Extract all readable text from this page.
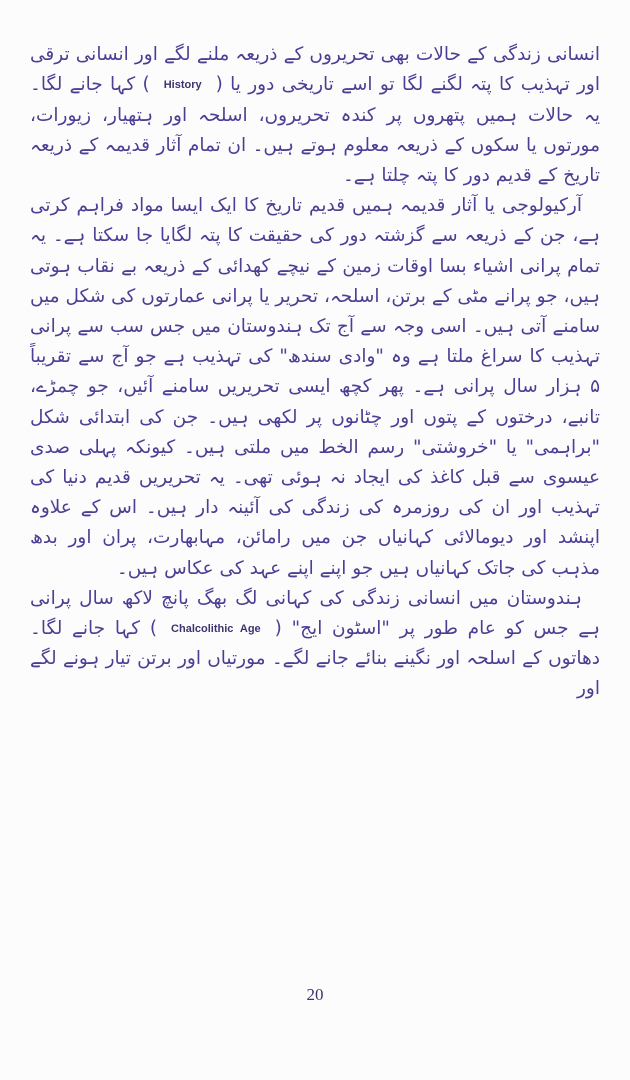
انسانی زندگی کے حالات بھی تحریروں کے ذریعہ ملنے لگے اور انسانی ترقی اور تہذیب کا پتہ لگنے لگا تو اسے تاریخی دور یا (History) کہا جانے لگا۔ یہ حالات ہمیں پتھروں پر کندہ تحریروں، اسلحہ اور ہتھیار، زیورات، مورتوں یا سکوں کے ذریعہ معلوم ہوتے ہیں۔ ان تمام آثار قدیمہ کے ذریعہ تاریخ کے قدیم دور کا پتہ چلتا ہے۔

آرکیولوجی یا آثار قدیمہ ہمیں قدیم تاریخ کا ایک ایسا مواد فراہم کرتی ہے، جن کے ذریعہ سے گزشتہ دور کی حقیقت کا پتہ لگایا جا سکتا ہے۔ یہ تمام پرانی اشیاء بسا اوقات زمین کے نیچے کھدائی کے ذریعہ بے نقاب ہوتی ہیں، جو پرانے مٹی کے برتن، اسلحہ، تحریر یا پرانی عمارتوں کی شکل میں سامنے آتی ہیں۔ اسی وجہ سے آج تک ہندوستان میں جس سب سے پرانی تہذیب کا سراغ ملتا ہے وہ "وادی سندھ" کی تہذیب ہے جو آج سے تقریباً ۵ ہزار سال پرانی ہے۔ پھر کچھ ایسی تحریریں سامنے آئیں، جو چمڑے، تانبے، درختوں کے پتوں اور چٹانوں پر لکھی ہیں۔ جن کی ابتدائی شکل "براہمی" یا "خروشتی" رسم الخط میں ملتی ہیں۔ کیونکہ پہلی صدی عیسوی سے قبل کاغذ کی ایجاد نہ ہوئی تھی۔ یہ تحریریں قدیم دنیا کی تہذیب اور ان کی روزمرہ کی زندگی کی آئینہ دار ہیں۔ اس کے علاوہ اپنشد اور دیومالائی کہانیاں جن میں رامائن، مہابھارت، پران اور بدھ مذہب کی جاتک کہانیاں ہیں جو اپنے اپنے عہد کی عکاس ہیں۔

ہندوستان میں انسانی زندگی کی کہانی لگ بھگ پانچ لاکھ سال پرانی ہے جس کو عام طور پر "اسٹون ایج" (Chalcolithic Age) کہا جانے لگا۔ دھاتوں کے اسلحہ اور نگینے بنائے جانے لگے۔ مورتیاں اور برتن تیار ہونے لگے اور

20
